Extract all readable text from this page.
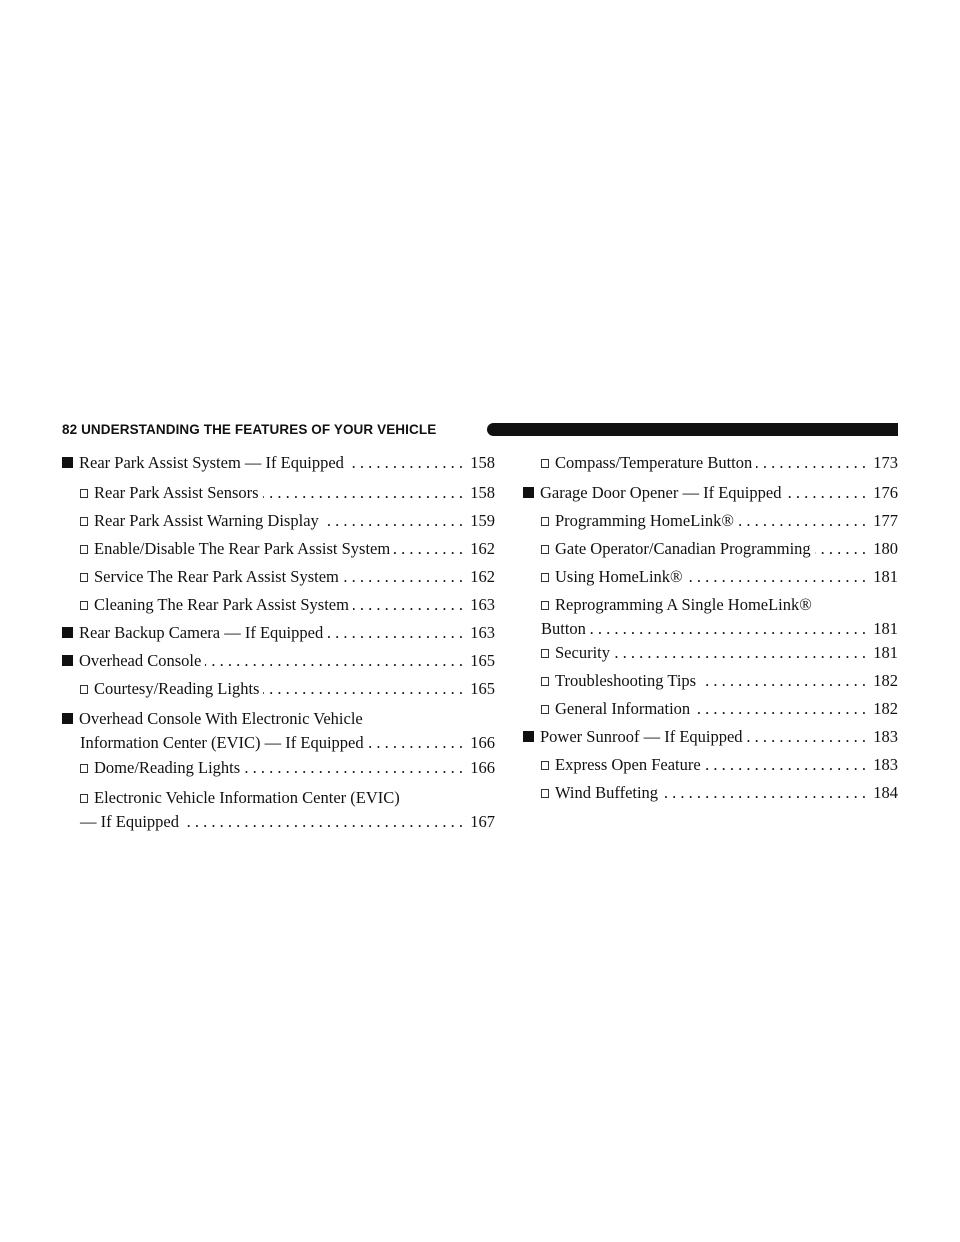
82 UNDERSTANDING THE FEATURES OF YOUR VEHICLE
Rear Park Assist System — If Equipped . . .	158
Rear Park Assist Sensors . . .	158
Rear Park Assist Warning Display . . .	159
Enable/Disable The Rear Park Assist System . . .	162
Service The Rear Park Assist System . . .	162
Cleaning The Rear Park Assist System . . .	163
Rear Backup Camera — If Equipped . . .	163
Overhead Console . . .	165
Courtesy/Reading Lights . . .	165
Overhead Console With Electronic Vehicle
Information Center (EVIC) — If Equipped . . .	166
Dome/Reading Lights . . .	166
Electronic Vehicle Information Center (EVIC)
— If Equipped . . .	167
Compass/Temperature Button . . .	173
Garage Door Opener — If Equipped . . .	176
Programming HomeLink® . . .	177
Gate Operator/Canadian Programming . . .	180
Using HomeLink® . . .	181
Reprogramming A Single HomeLink®
Button . . .	181
Security . . .	181
Troubleshooting Tips . . .	182
General Information . . .	182
Power Sunroof — If Equipped . . .	183
Express Open Feature . . .	183
Wind Buffeting . . .	184
